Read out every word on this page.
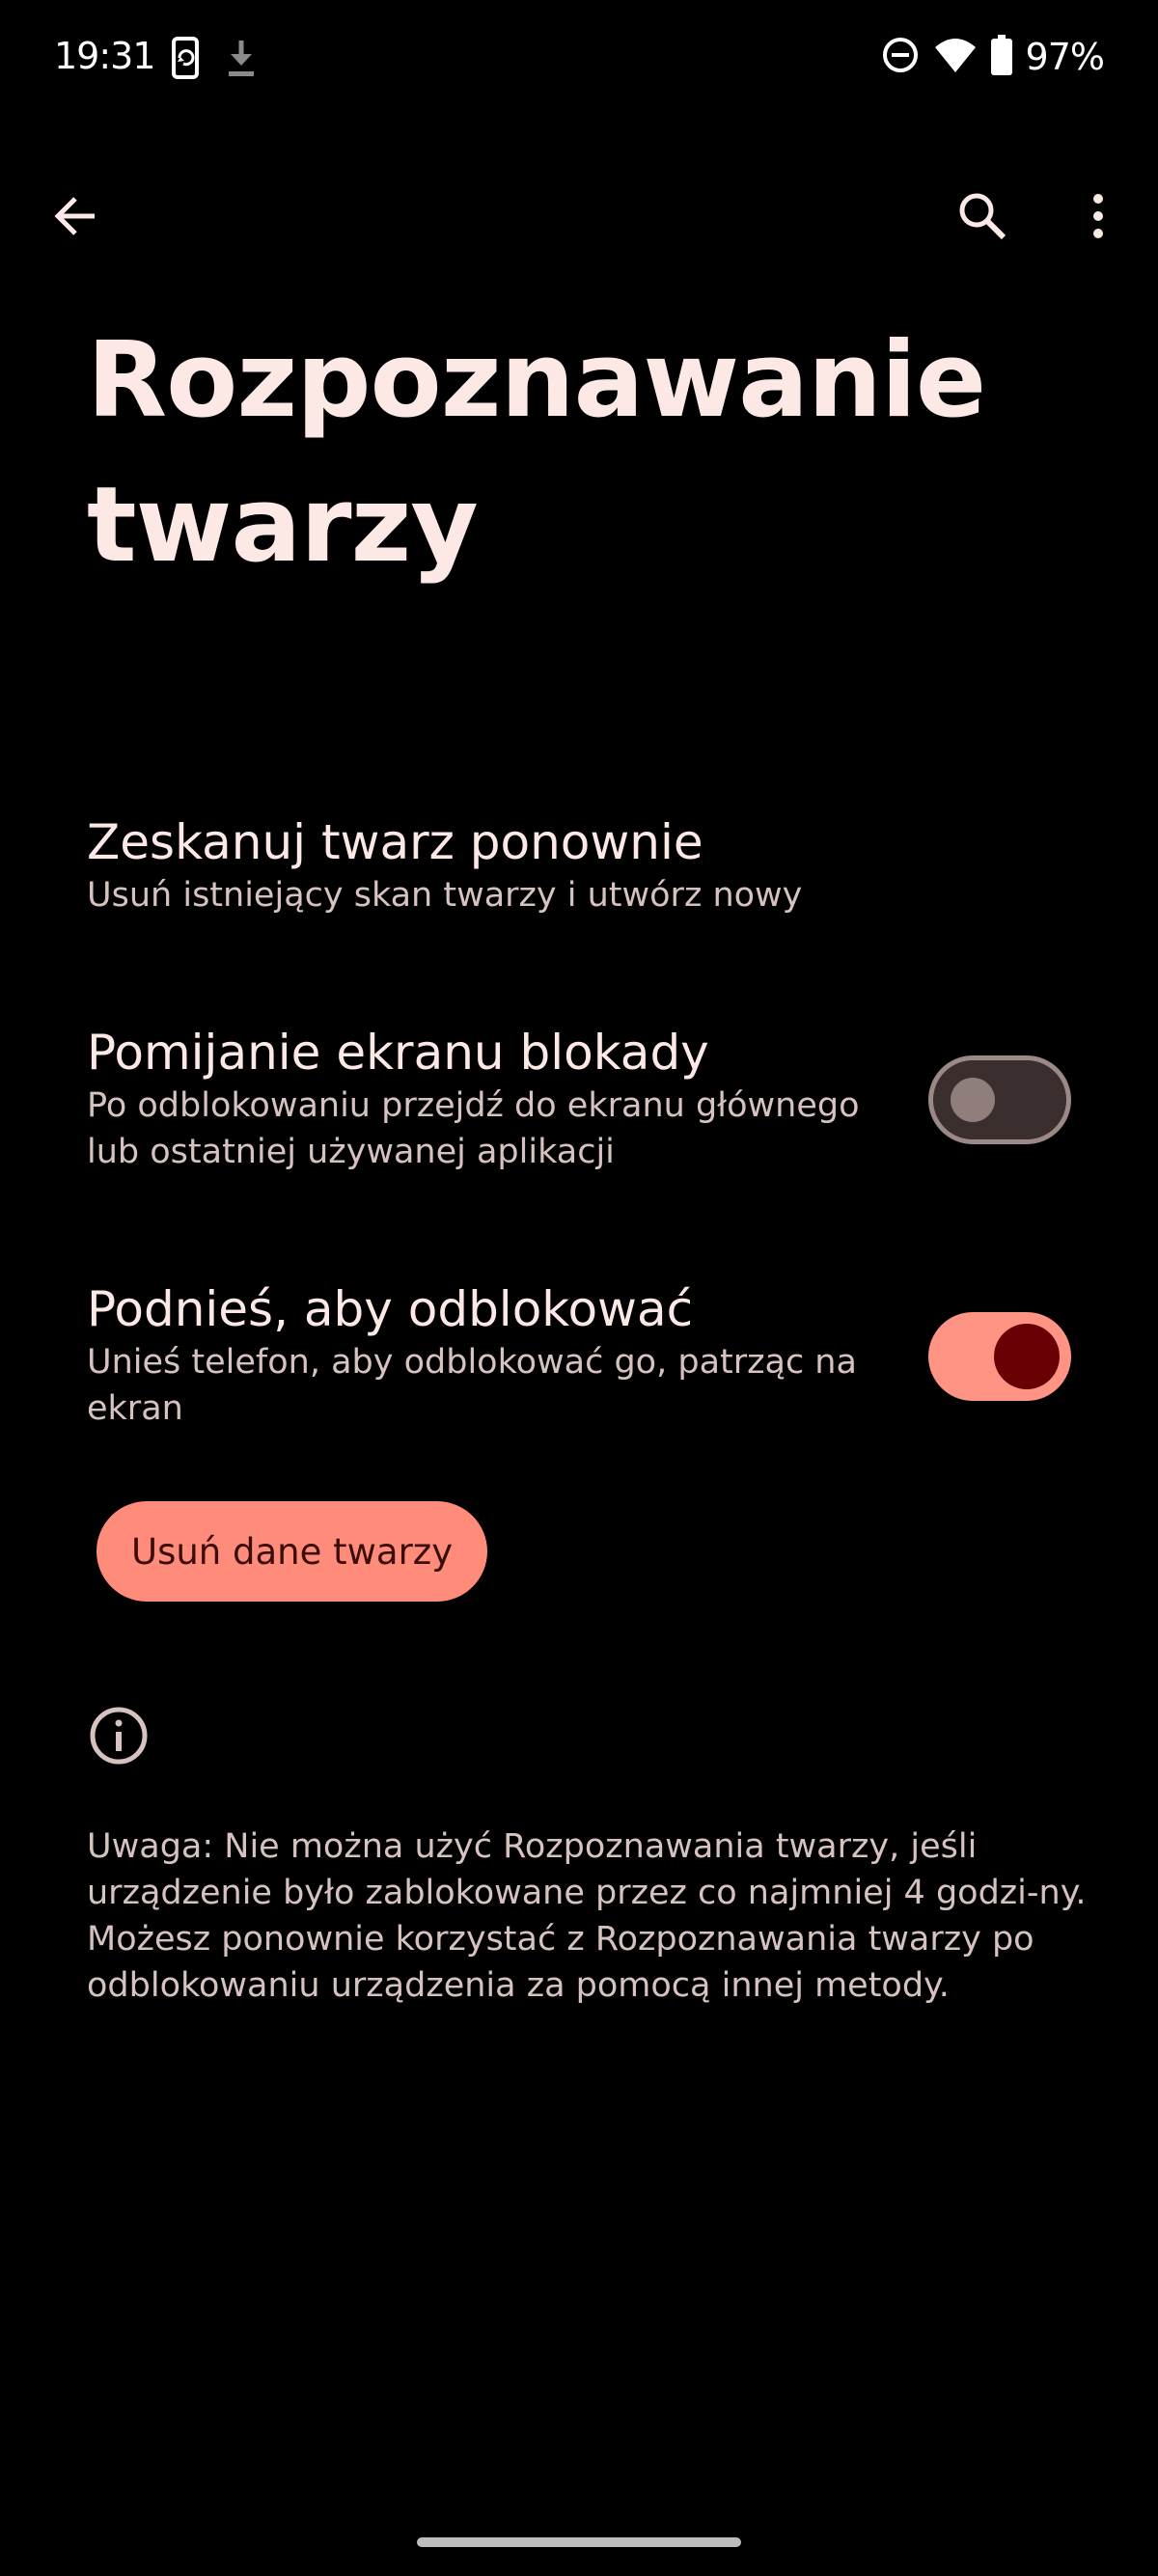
19:31	97%
Rozpoznawanie twarzy
Zeskanuj twarz ponownie
Usuń istniejący skan twarzy i utwórz nowy
Pomijanie ekranu blokady
Po odblokowaniu przejdź do ekranu głównego lub ostatniej używanej aplikacji
Podnieś, aby odblokować
Unieś telefon, aby odblokować go, patrząc na ekran
Usuń dane twarzy
Uwaga: Nie można użyć Rozpoznawania twarzy, jeśli urządzenie było zablokowane przez co najmniej 4 godzi-ny. Możesz ponownie korzystać z Rozpoznawania twarzy po odblokowaniu urządzenia za pomocą innej metody.
